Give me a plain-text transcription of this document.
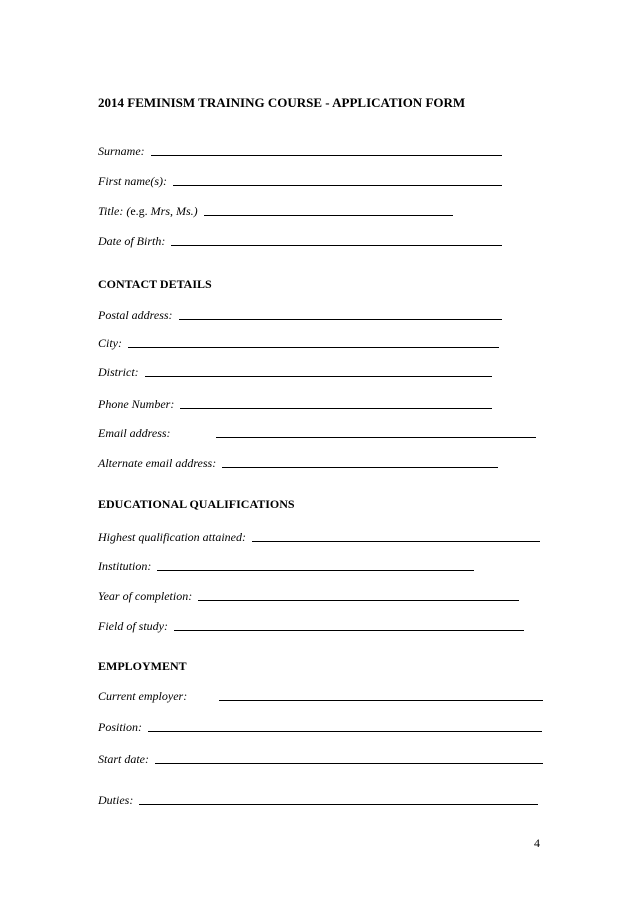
2014 FEMINISM TRAINING COURSE - APPLICATION FORM
Surname:
First name(s):
Title: (e.g. Mrs, Ms.)
Date of Birth:
CONTACT DETAILS
Postal address:
City:
District:
Phone Number:
Email address:
Alternate email address:
EDUCATIONAL QUALIFICATIONS
Highest qualification attained:
Institution:
Year of completion:
Field of study:
EMPLOYMENT
Current employer:
Position:
Start date:
Duties:
4
